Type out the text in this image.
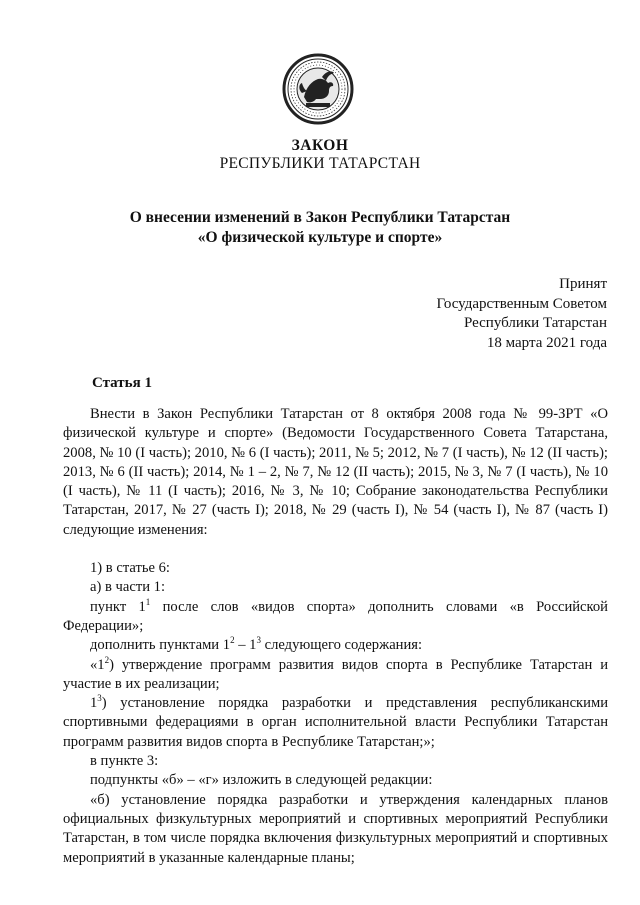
ЗАКОН
РЕСПУБЛИКИ ТАТАРСТАН
О внесении изменений в Закон Республики Татарстан
«О физической культуре и спорте»
Принят
Государственным Советом
Республики Татарстан
18 марта 2021 года
Статья 1

Внести в Закон Республики Татарстан от 8 октября 2008 года № 99-ЗРТ «О физической культуре и спорте» (Ведомости Государственного Совета Татарстана, 2008, № 10 (I часть); 2010, № 6 (I часть); 2011, № 5; 2012, № 7 (I часть), № 12 (II часть); 2013, № 6 (II часть); 2014, № 1 – 2, № 7, № 12 (II часть); 2015, № 3, № 7 (I часть), № 10 (I часть), № 11 (I часть); 2016, № 3, № 10; Собрание законодательства Республики Татарстан, 2017, № 27 (часть I); 2018, № 29 (часть I), № 54 (часть I), № 87 (часть I) следующие изменения:

1) в статье 6:

а) в части 1:

пункт $1^1$ после слов «видов спорта» дополнить словами «в Российской Федерации»;

дополнить пунктами $1^2 - 1^3$ следующего содержания:

«$1^2$) утверждение программ развития видов спорта в Республике Татарстан и участие в их реализации;

$1^3$) установление порядка разработки и представления республиканскими спортивными федерациями в орган исполнительной власти Республики Татарстан программ развития видов спорта в Республике Татарстан;»;

в пункте 3:

подпункты «б» – «г» изложить в следующей редакции:

«б) установление порядка разработки и утверждения календарных планов официальных физкультурных мероприятий и спортивных мероприятий Республики Татарстан, в том числе порядка включения физкультурных мероприятий и спортивных мероприятий в указанные календарные планы;
